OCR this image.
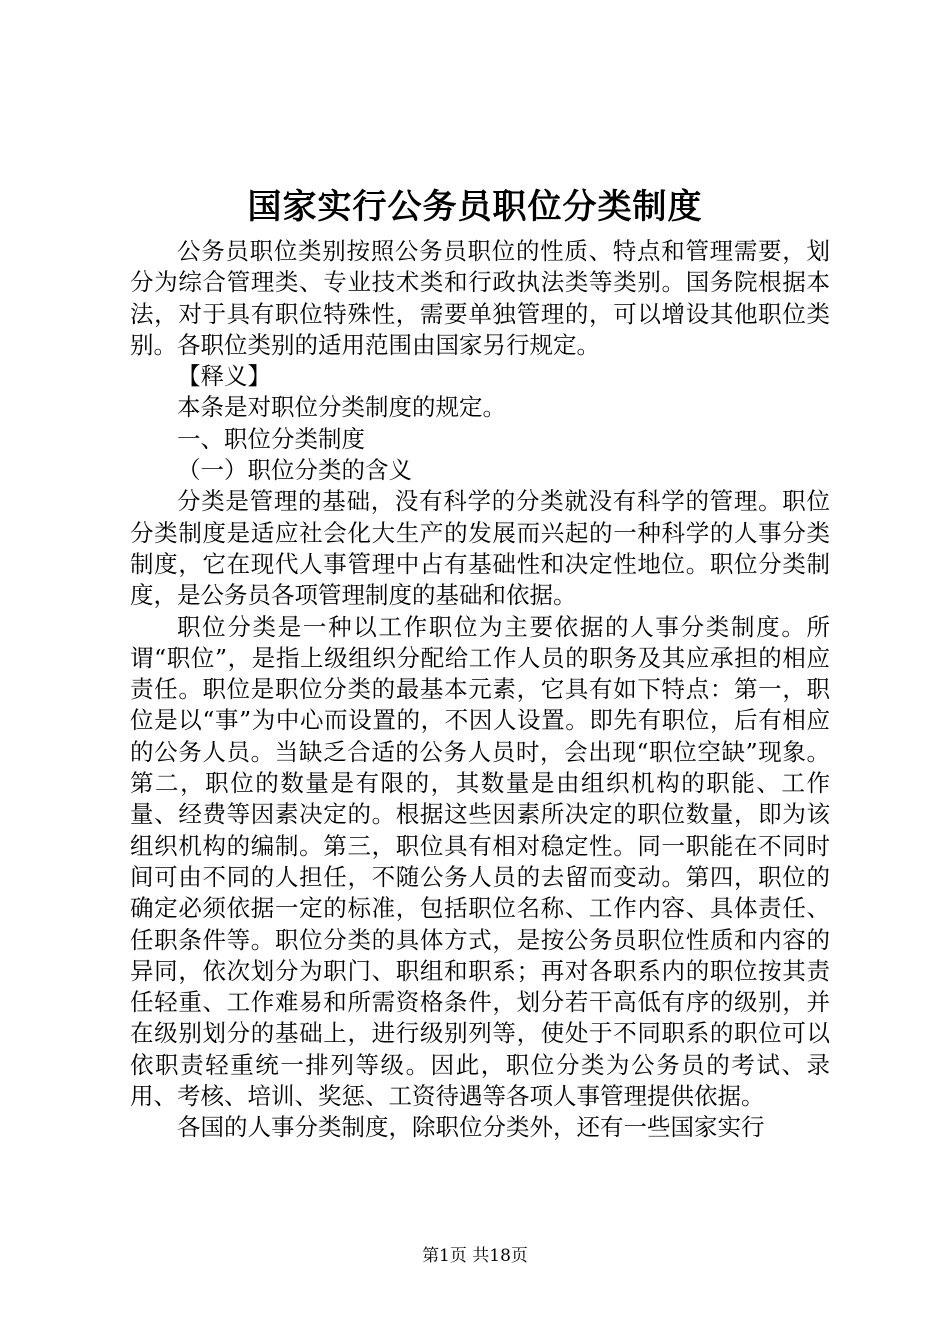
国家实行公务员职位分类制度

公务员职位类别按照公务员职位的性质、特点和管理需要，划分为综合管理类、专业技术类和行政执法类等类别。国务院根据本法，对于具有职位特殊性，需要单独管理的，可以增设其他职位类别。各职位类别的适用范围由国家另行规定。

【释义】

本条是对职位分类制度的规定。

一、职位分类制度

（一）职位分类的含义

分类是管理的基础，没有科学的分类就没有科学的管理。职位分类制度是适应社会化大生产的发展而兴起的一种科学的人事分类制度，它在现代人事管理中占有基础性和决定性地位。职位分类制度，是公务员各项管理制度的基础和依据。

职位分类是一种以工作职位为主要依据的人事分类制度。所谓“职位”，是指上级组织分配给工作人员的职务及其应承担的相应责任。职位是职位分类的最基本元素，它具有如下特点：第一，职位是以“事”为中心而设置的，不因人设置。即先有职位，后有相应的公务人员。当缺乏合适的公务人员时，会出现“职位空缺”现象。第二，职位的数量是有限的，其数量是由组织机构的职能、工作量、经费等因素决定的。根据这些因素所决定的职位数量，即为该组织机构的编制。第三，职位具有相对稳定性。同一职能在不同时间可由不同的人担任，不随公务人员的去留而变动。第四，职位的确定必须依据一定的标准，包括职位名称、工作内容、具体责任、任职条件等。职位分类的具体方式，是按公务员职位性质和内容的异同，依次划分为职门、职组和职系；再对各职系内的职位按其责任轻重、工作难易和所需资格条件，划分若干高低有序的级别，并在级别划分的基础上，进行级别列等，使处于不同职系的职位可以依职责轻重统一排列等级。因此，职位分类为公务员的考试、录用、考核、培训、奖惩、工资待遇等各项人事管理提供依据。

各国的人事分类制度，除职位分类外，还有一些国家实行

第1页 共18页
